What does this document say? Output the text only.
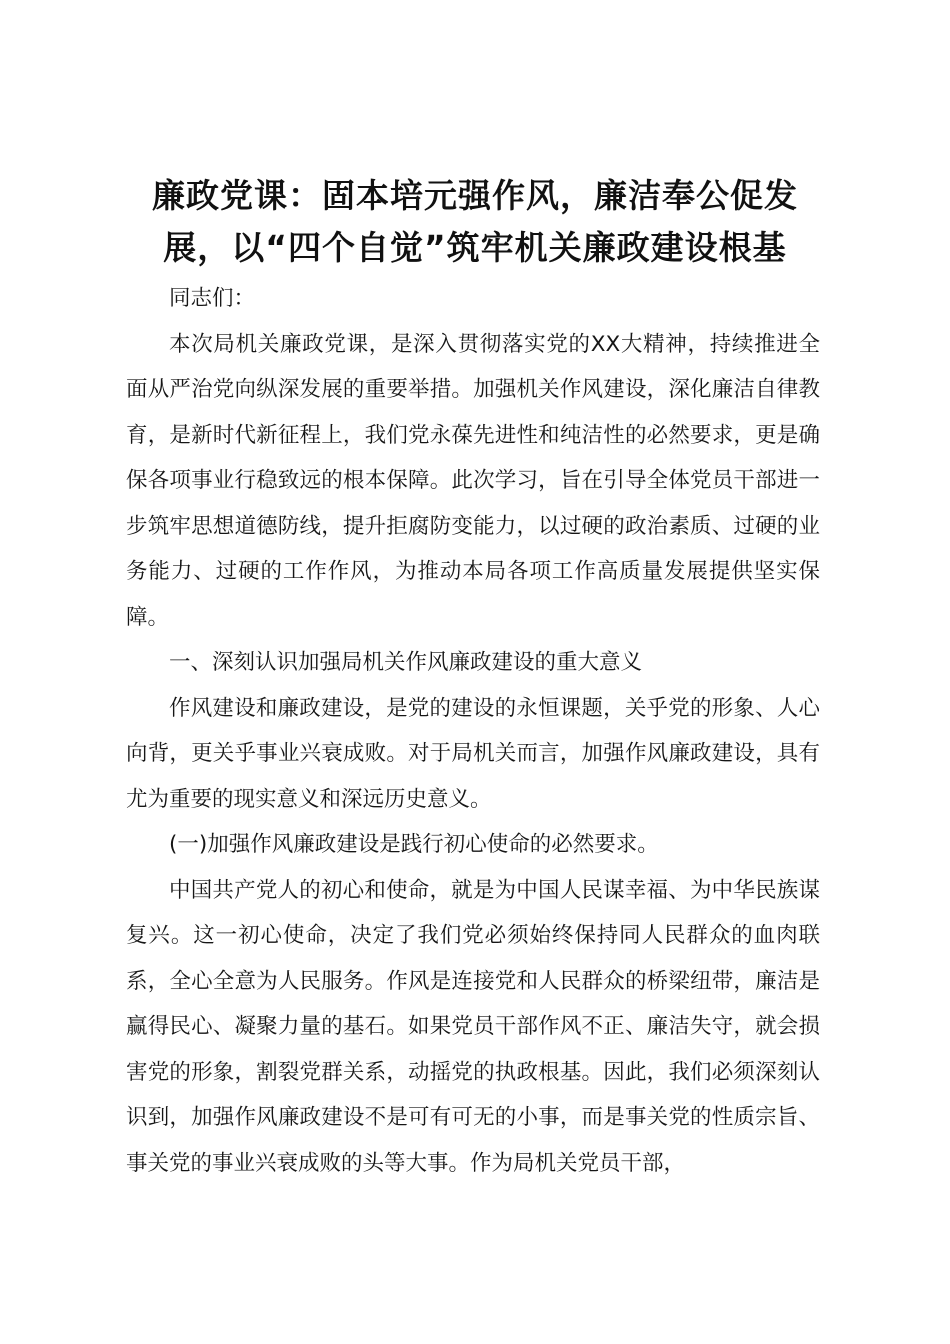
廉政党课：固本培元强作风，廉洁奉公促发展，以“四个自觉”筑牢机关廉政建设根基

同志们：

本次局机关廉政党课，是深入贯彻落实党的XX大精神，持续推进全面从严治党向纵深发展的重要举措。加强机关作风建设，深化廉洁自律教育，是新时代新征程上，我们党永葆先进性和纯洁性的必然要求，更是确保各项事业行稳致远的根本保障。此次学习，旨在引导全体党员干部进一步筑牢思想道德防线，提升拒腐防变能力，以过硬的政治素质、过硬的业务能力、过硬的工作作风，为推动本局各项工作高质量发展提供坚实保障。

一、深刻认识加强局机关作风廉政建设的重大意义

作风建设和廉政建设，是党的建设的永恒课题，关乎党的形象、人心向背，更关乎事业兴衰成败。对于局机关而言，加强作风廉政建设，具有尤为重要的现实意义和深远历史意义。

(一)加强作风廉政建设是践行初心使命的必然要求。

中国共产党人的初心和使命，就是为中国人民谋幸福、为中华民族谋复兴。这一初心使命，决定了我们党必须始终保持同人民群众的血肉联系，全心全意为人民服务。作风是连接党和人民群众的桥梁纽带，廉洁是赢得民心、凝聚力量的基石。如果党员干部作风不正、廉洁失守，就会损害党的形象，割裂党群关系，动摇党的执政根基。因此，我们必须深刻认识到，加强作风廉政建设不是可有可无的小事，而是事关党的性质宗旨、事关党的事业兴衰成败的头等大事。作为局机关党员干部，
